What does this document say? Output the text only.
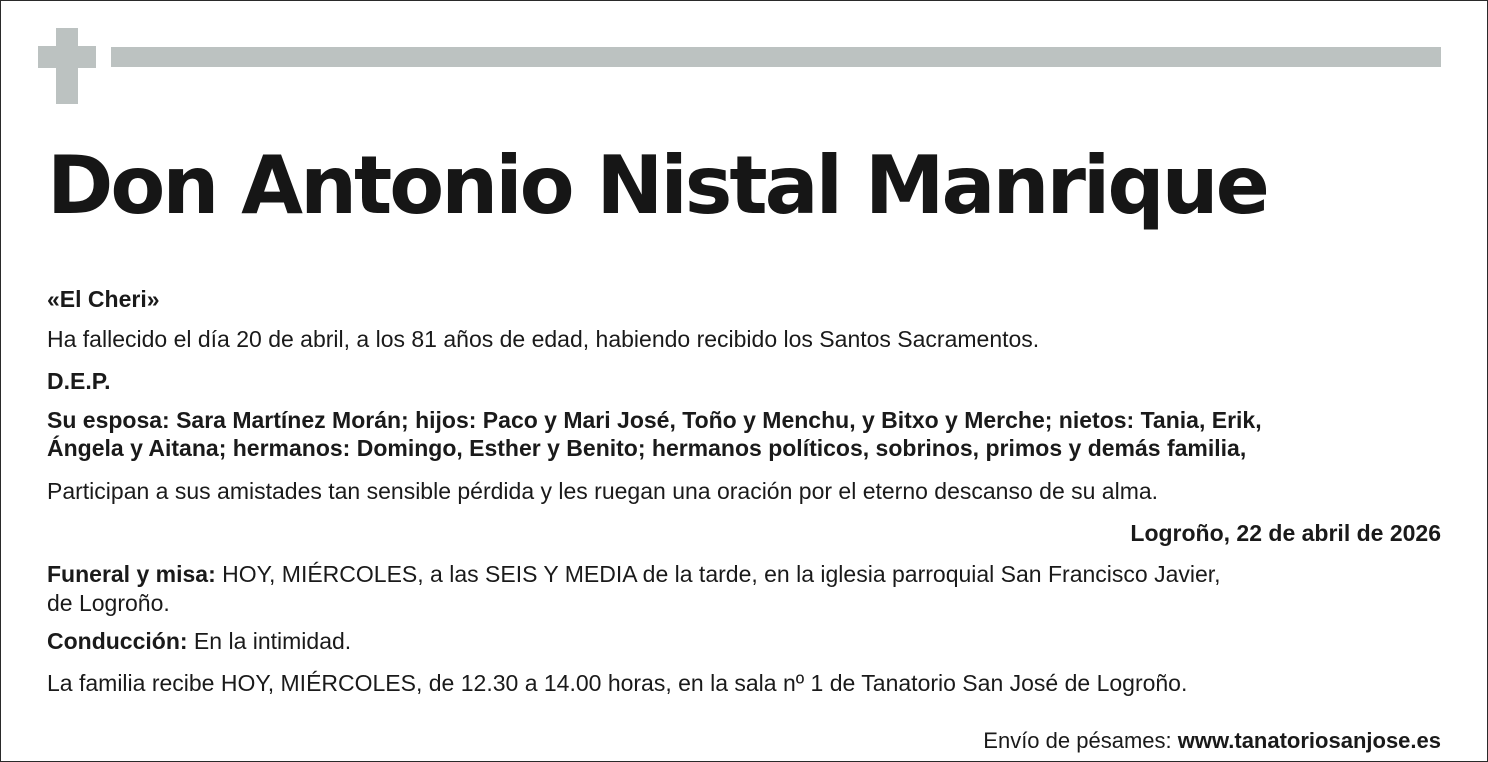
Don Antonio Nistal Manrique

«El Cheri»

Ha fallecido el día 20 de abril, a los 81 años de edad, habiendo recibido los Santos Sacramentos.

D.E.P.

Su esposa: Sara Martínez Morán; hijos: Paco y Mari José, Toño y Menchu, y Bitxo y Merche; nietos: Tania, Erik,

Ángela y Aitana; hermanos: Domingo, Esther y Benito; hermanos políticos, sobrinos, primos y demás familia,

Participan a sus amistades tan sensible pérdida y les ruegan una oración por el eterno descanso de su alma.

Logroño, 22 de abril de 2026

Funeral y misa: HOY, MIÉRCOLES, a las SEIS Y MEDIA de la tarde, en la iglesia parroquial San Francisco Javier,

de Logroño.

Conducción: En la intimidad.

La familia recibe HOY, MIÉRCOLES, de 12.30 a 14.00 horas, en la sala nº 1 de Tanatorio San José de Logroño.

Envío de pésames: www.tanatoriosanjose.es
